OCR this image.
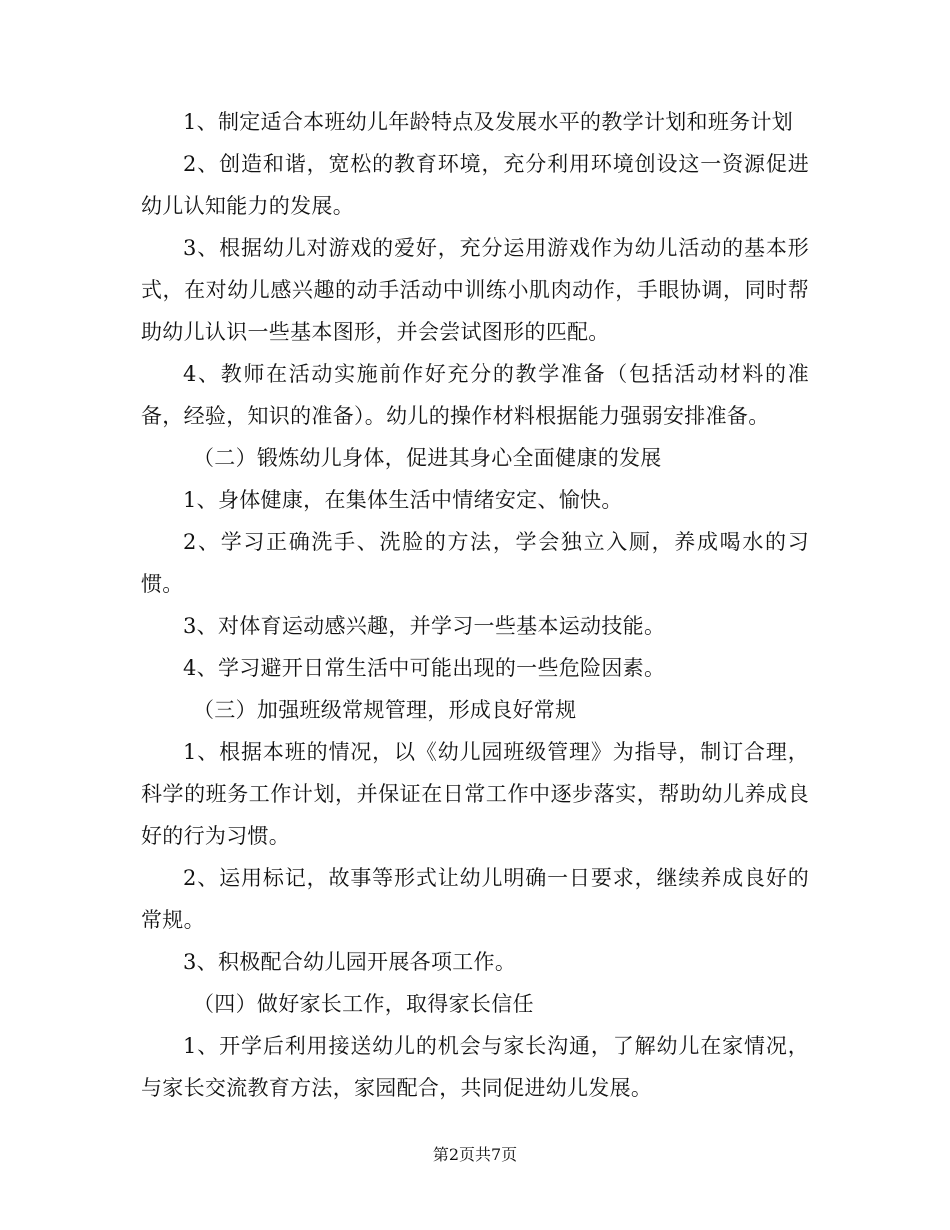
1、制定适合本班幼儿年龄特点及发展水平的教学计划和班务计划

2、创造和谐，宽松的教育环境，充分利用环境创设这一资源促进幼儿认知能力的发展。

3、根据幼儿对游戏的爱好，充分运用游戏作为幼儿活动的基本形式，在对幼儿感兴趣的动手活动中训练小肌肉动作，手眼协调，同时帮助幼儿认识一些基本图形，并会尝试图形的匹配。

4、教师在活动实施前作好充分的教学准备（包括活动材料的准备，经验，知识的准备）。幼儿的操作材料根据能力强弱安排准备。

（二）锻炼幼儿身体，促进其身心全面健康的发展

1、身体健康，在集体生活中情绪安定、愉快。

2、学习正确洗手、洗脸的方法，学会独立入厕，养成喝水的习惯。

3、对体育运动感兴趣，并学习一些基本运动技能。

4、学习避开日常生活中可能出现的一些危险因素。

（三）加强班级常规管理，形成良好常规

1、根据本班的情况，以《幼儿园班级管理》为指导，制订合理，科学的班务工作计划，并保证在日常工作中逐步落实，帮助幼儿养成良好的行为习惯。

2、运用标记，故事等形式让幼儿明确一日要求，继续养成良好的常规。

3、积极配合幼儿园开展各项工作。

（四）做好家长工作，取得家长信任

1、开学后利用接送幼儿的机会与家长沟通，了解幼儿在家情况，与家长交流教育方法，家园配合，共同促进幼儿发展。

第2页共7页
